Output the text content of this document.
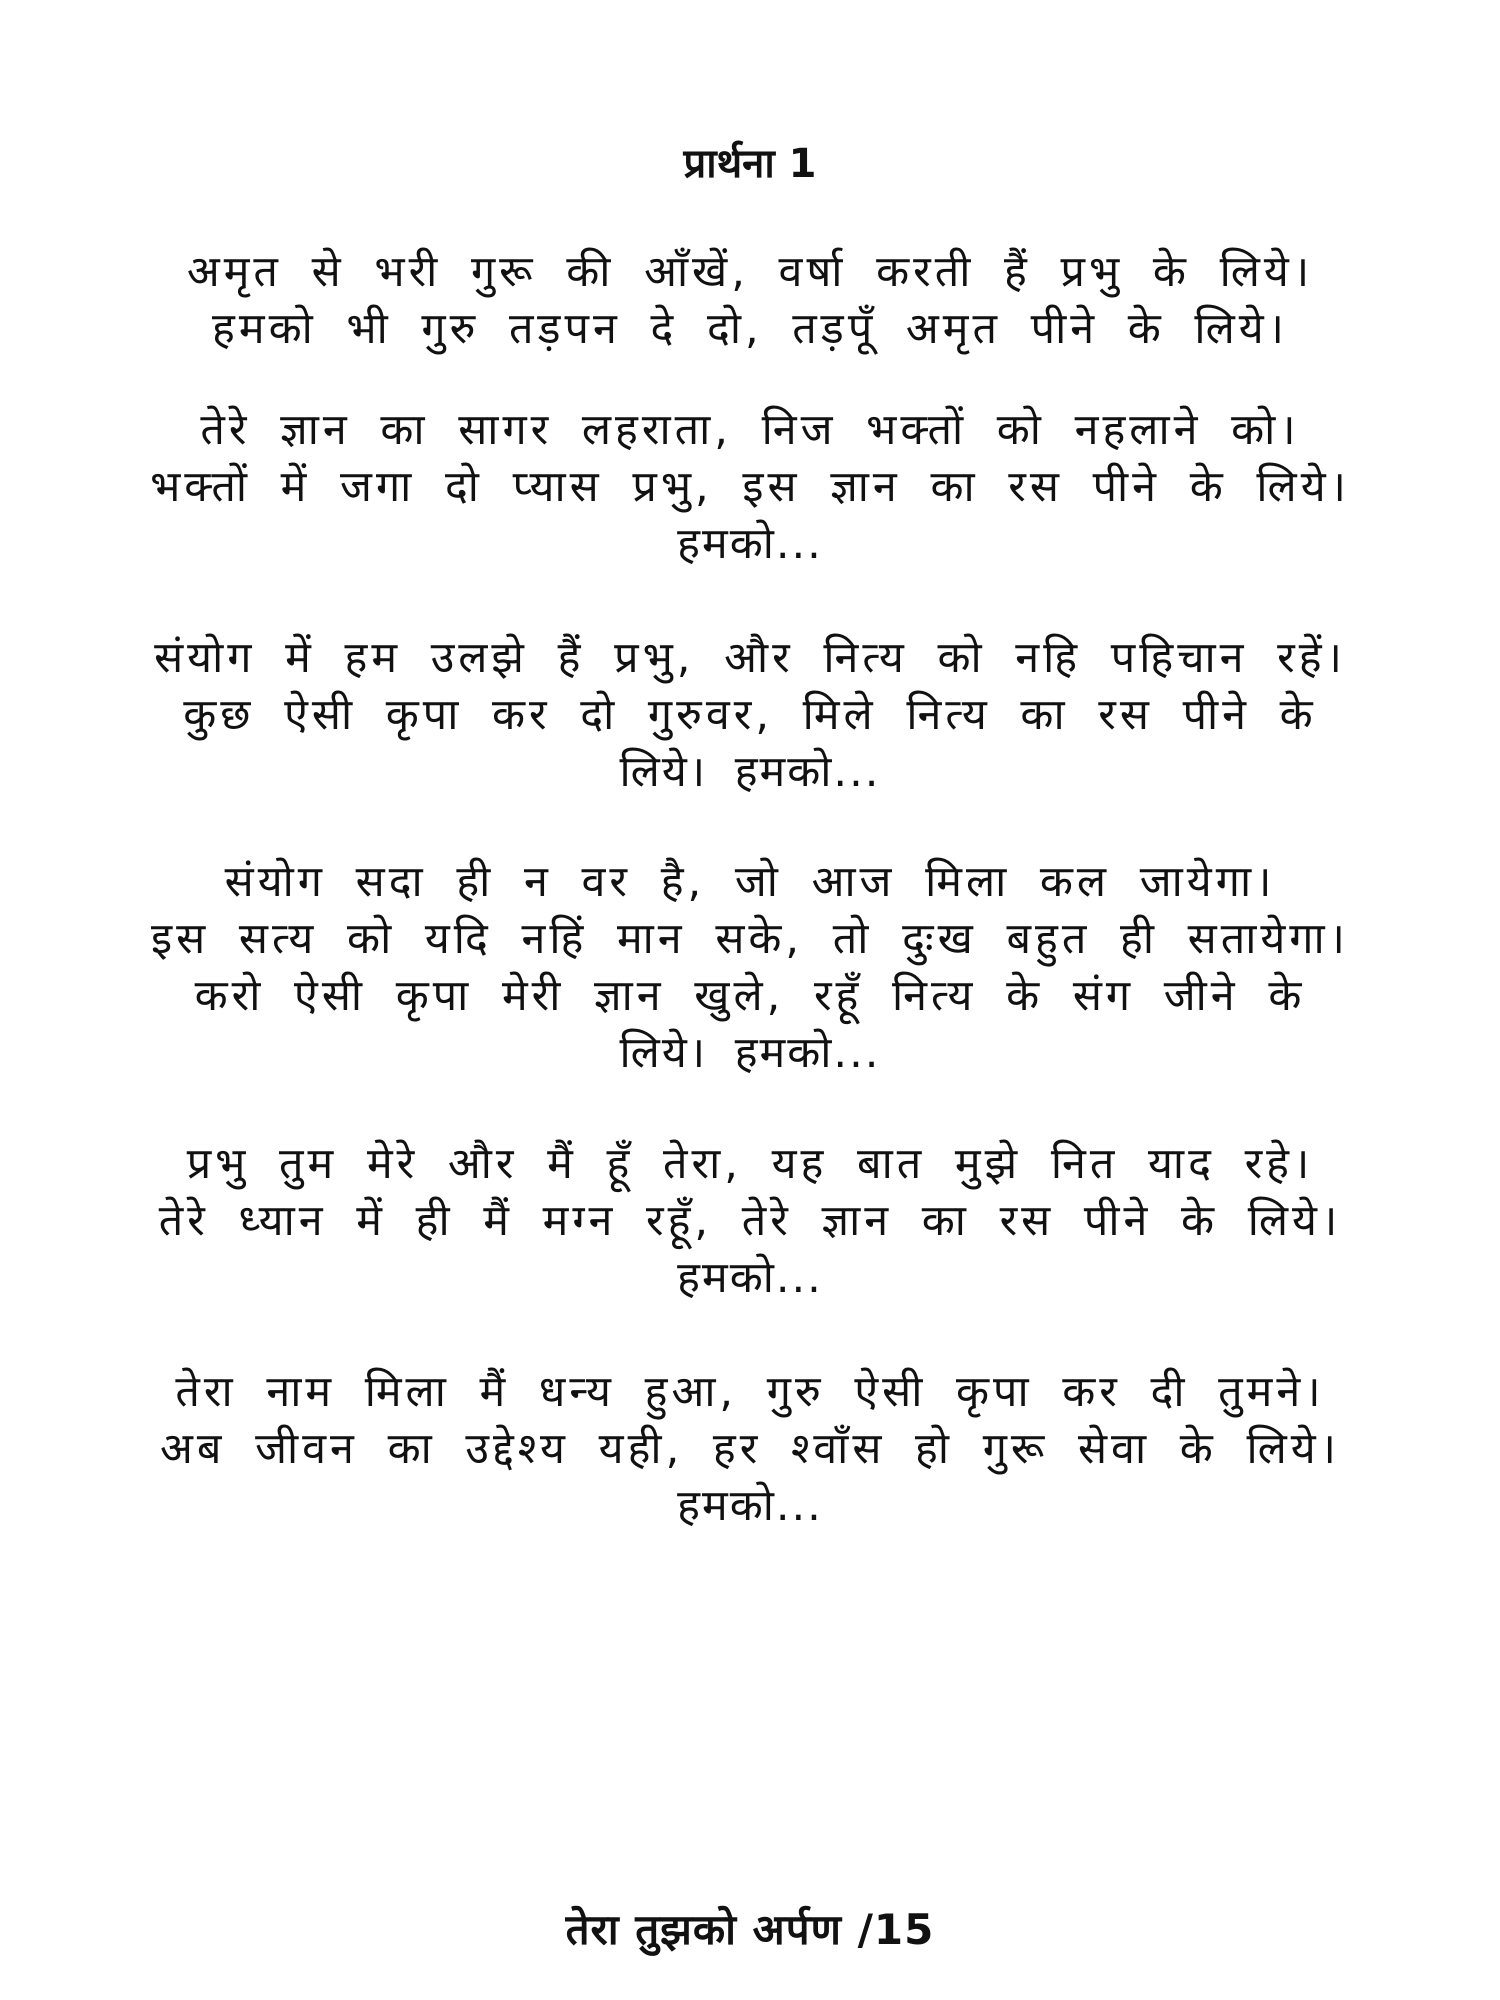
प्रार्थना 1
अमृत से भरी गुरू की आँखें, वर्षा करती हैं प्रभु के लिये।
हमको भी गुरु तड़पन दे दो, तड़पूँ अमृत पीने के लिये।
तेरे ज्ञान का सागर लहराता, निज भक्तों को नहलाने को।
भक्तों में जगा दो प्यास प्रभु, इस ज्ञान का रस पीने के लिये।
हमको...
संयोग में हम उलझे हैं प्रभु, और नित्य को नहि पहिचान रहें।
कुछ ऐसी कृपा कर दो गुरुवर, मिले नित्य का रस पीने के
लिये। हमको...
संयोग सदा ही न वर है, जो आज मिला कल जायेगा।
इस सत्य को यदि नहिं मान सके, तो दुःख बहुत ही सतायेगा।
करो ऐसी कृपा मेरी ज्ञान खुले, रहूँ नित्य के संग जीने के
लिये। हमको...
प्रभु तुम मेरे और मैं हूँ तेरा, यह बात मुझे नित याद रहे।
तेरे ध्यान में ही मैं मग्न रहूँ, तेरे ज्ञान का रस पीने के लिये।
हमको...
तेरा नाम मिला मैं धन्य हुआ, गुरु ऐसी कृपा कर दी तुमने।
अब जीवन का उद्देश्य यही, हर श्वाँस हो गुरू सेवा के लिये।
हमको...
तेरा तुझको अर्पण /15
